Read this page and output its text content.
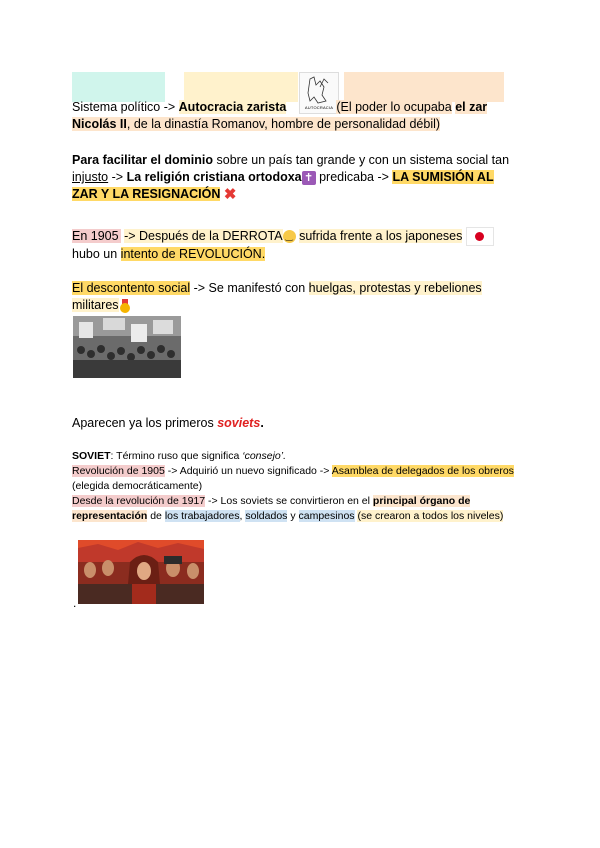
AUTOCRACIA
Sistema político -> Autocracia zarista	(El poder lo ocupaba el zar Nicolás II, de la dinastía Romanov, hombre de personalidad débil)
Para facilitar el dominio sobre un país tan grande y con un sistema social tan injusto -> La religión cristiana ortodoxa ✝ predicaba -> LA SUMISIÓN AL ZAR Y LA RESIGNACIÓN ✖
En 1905 -> Después de la DERROTA ‿ sufrida frente a los japoneses

hubo un intento de REVOLUCIÓN.
El descontento social -> Se manifestó con huelgas, protestas y rebeliones militares
Aparecen ya los primeros soviets.
SOVIET: Término ruso que significa ‘consejo’.
Revolución de 1905 -> Adquirió un nuevo significado -> Asamblea de delegados de los obreros (elegida democráticamente)
Desde la revolución de 1917 -> Los soviets se convirtieron en el principal órgano de representación de los trabajadores, soldados y campesinos (se crearon a todos los niveles)
.
